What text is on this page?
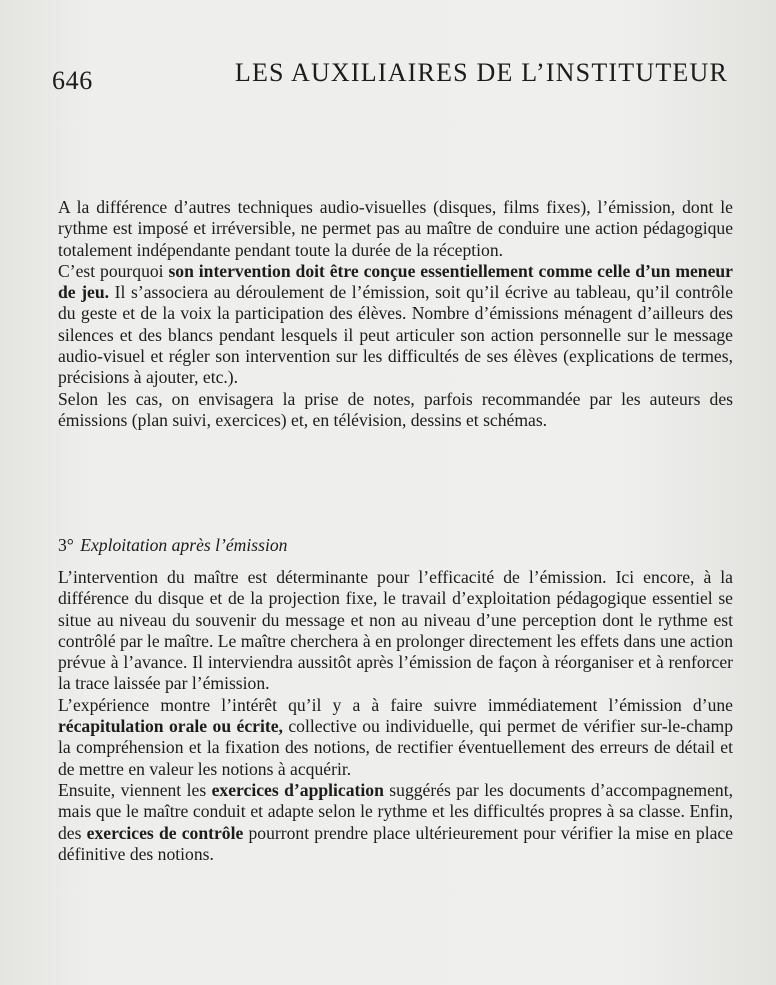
646	LES AUXILIAIRES DE L’INSTITUTEUR

A la différence d’autres techniques audio-visuelles (disques, films fixes), l’émission, dont le rythme est imposé et irréversible, ne permet pas au maître de conduire une action pédagogique totalement indépendante pendant toute la durée de la réception.

C’est pourquoi son intervention doit être conçue essentiellement comme celle d’un meneur de jeu. Il s’associera au déroulement de l’émission, soit qu’il écrive au tableau, qu’il contrôle du geste et de la voix la participation des élèves. Nombre d’émissions ménagent d’ailleurs des silences et des blancs pendant lesquels il peut articuler son action personnelle sur le message audio-visuel et régler son intervention sur les difficultés de ses élèves (explications de termes, précisions à ajouter, etc.).

Selon les cas, on envisagera la prise de notes, parfois recommandée par les auteurs des émissions (plan suivi, exercices) et, en télévision, dessins et schémas.

3° Exploitation après l’émission

L’intervention du maître est déterminante pour l’efficacité de l’émission. Ici encore, à la différence du disque et de la projection fixe, le travail d’exploitation pédagogique essentiel se situe au niveau du souvenir du message et non au niveau d’une perception dont le rythme est contrôlé par le maître. Le maître cherchera à en prolonger directement les effets dans une action prévue à l’avance. Il interviendra aussitôt après l’émission de façon à réorganiser et à renforcer la trace laissée par l’émission.

L’expérience montre l’intérêt qu’il y a à faire suivre immédiatement l’émission d’une récapitulation orale ou écrite, collective ou individuelle, qui permet de vérifier sur-le-champ la compréhension et la fixation des notions, de rectifier éventuellement des erreurs de détail et de mettre en valeur les notions à acquérir.

Ensuite, viennent les exercices d’application suggérés par les documents d’accompagnement, mais que le maître conduit et adapte selon le rythme et les difficultés propres à sa classe. Enfin, des exercices de contrôle pourront prendre place ultérieurement pour vérifier la mise en place définitive des notions.
